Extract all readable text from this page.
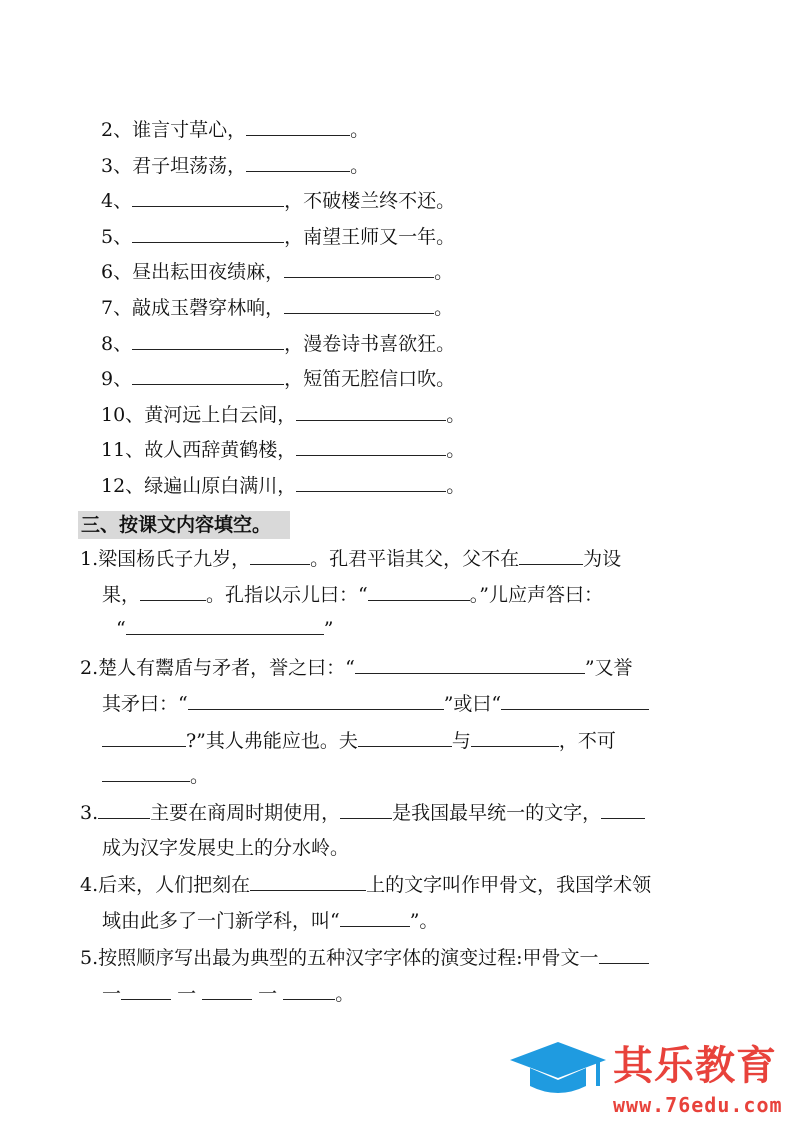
2、谁言寸草心，	。
3、君子坦荡荡，	。
4、	，不破楼兰终不还。
5、	，南望王师又一年。
6、昼出耘田夜绩麻，	。
7、敲成玉磬穿林响，	。
8、	，漫卷诗书喜欲狂。
9、	，短笛无腔信口吹。
10、黄河远上白云间，	。
11、故人西辞黄鹤楼，	。
12、绿遍山原白满川，	。
三、按课文内容填空。
1.梁国杨氏子九岁，	。孔君平诣其父，父不在	为设
果，	。孔指以示儿曰：“	。”儿应声答曰：
“	”
2.楚人有鬻盾与矛者，誉之曰：“	”又誉
其矛曰：“	”或曰“
?”其人弗能应也。夫	与	，不可
。
3.	主要在商周时期使用，	是我国最早统一的文字，
成为汉字发展史上的分水岭。
4.后来，人们把刻在	上的文字叫作甲骨文，我国学术领
域由此多了一门新学科，叫“	”。
5.按照顺序写出最为典型的五种汉字字体的演变过程:甲骨文一
一	一	一	。
其乐教育
www.76edu.com
